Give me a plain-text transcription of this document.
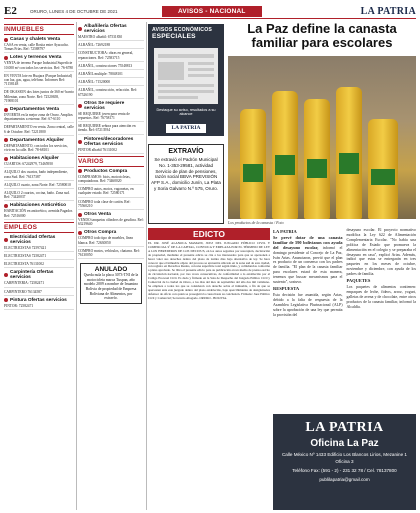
E2	ORURO, LUNES 4 DE OCTUBRE DE 2021	AVISOS - NACIONAL	LA PATRIA
INMUEBLES
Casas y chalets Venta
CASA en venta, calle Rosita entre Ayacucho. Tomas Frías. Ref: 72588797
Lotes y terrenos Venta
VENTA de terreno Parque Industrial Superficie 10.000 m² con todos los servicios. Ref: 76-6780
EN VENTA lote en Huajara (Parque Industrial) con luz, gas, agua, teléfono. Informes Ref: 71158148
DE OKASION dos lotes juntos de 360 m² barrio Mileniun, zona Norte. Ref: 72520658, 71908101
Departamentos Venta
INVIERTA en la mejor zona de Oruro. Amplios departamentos a estrenar. Ref: 67-6110
DEPARTAMENTO en venta. Zona central, calle 6 de Octubre. Ref: 72211800
Departamentos Alquiler
DEPARTAMENTO, con todos los servicios, vivir en la calle. Ref: 78-68101
Habitaciones Alquiler
CUARTOS: 67242979, 73465950
ALQUILO dos cuartos, baño independiente, zona Sud. Ref: 76137387
ALQUILO cuarto, zona Norte. Ref: 72580010
ALQUILO 2 cuartos, cocina, baño. Zona sud. Ref: 73420037
Habitaciones Anticrético
HABITACIÓN en anticrético, avenida Pagador. Ref: 72516000
EMPLEOS
Electricidad Ofertas servicios
ELECTRICISTAS 72597421
ELECTRICISTAS 72582471
ELECTRICISTA 76131002
Carpintería Ofertas servicios
CARPINTERIA: 72582471
CARPINTERO 76134587
Pintura Ofertas servicios
PINTOR: 72582471
Albañilería Ofertas servicios
MAESTRO albañil: 67531830
ALBAÑIL: 72692188
CONSTRUCTORA: obras en general, reparaciones. Ref: 72583715
ALBAÑIL, construcciones 75548813
ALBAÑIL multiple: 78048101
ALBAÑIL: 71520000
ALBAÑIL, construcción, refacción. Ref: 67526190
Otros Se requiere servicios
SE REQUIERE joven para venta de repuestos. Ref: 76758171
SE REQUIERE señora para atención en tienda. Ref: 67213934
Pintores/decoradores Ofertas servicios
PINTOR albañil 76131002
VARIOS
Productos Compra
COMPRAMOS: bicis, motocicletas, computadoras. Ref: 73460020
COMPRO autos, motos, vagonetas, en cualquier estado. Ref: 72580171
COMPRO toda clase de cartón. Ref: 75560210
Otros Venta
VENDO tanquetas cilindros de gasolina. Ref: 63219640
Otros Compra
COMPRO todo tipo de muebles, línea blanca. Ref: 72630050
COMPRO motos, vehículos, chatarra. Ref: 76130050
ANULADO
Queda nula la placa 3073-TNI de la motocicleta marca Tuxpan, año modelo 2009 a nombre de Irsumino Bolivia de propiedad de Empresa Boliviana de Alimentos, por extravío.
AVISOS ECONÓMICOS
ESPECIALES
Destaque su aviso, resultados a su alcance
LA PATRIA
EXTRAVÍO
Se extravió el Padrón Municipal No. 1-353-29581, actividad Servicio de plan de pensiones, razón social BBVA PREVISIÓN AFP S.A., domicilio Junín, La Plata y Soria Galvarro N.º 575, Oruro.
La Paz define la canasta familiar para escolares
Los productos de la canasta / Foto
EDICTO
EL DR. JOSÉ ALANOCA MAMANI, JUEZ DEL JUZGADO PÚBLICO CIVIL Y COMERCIAL 9º DE LA CAPITAL, CONVOCA Y EMPLAZA POR EL TÉRMINO DE LEY A LOS HEREDEROS DE LOS DECUJUS, en los autos seguidos por usucapión, declaración de propiedad, mediante el presente edicto se cita a los interesados para que se apersonen a hacer valer sus derechos dentro del plazo de treinta días bajo alternativa de ley. Se hace conocer que el inmueble objeto del proceso se encuentra ubicado en la zona sud de esta ciudad, con registro en Derechos Reales, con una superficie total según título, y colindancias conforme a plano aprobado. Se libra el presente edicto para su publicación en un medio de prensa escrito de circulación nacional, por tres veces consecutivas, de conformidad a lo establecido por el Código Procesal Civil. Es dado y firmado en la Sala de Despacho del Juzgado Público Civil y Comercial de la ciudad de Oruro, a los días del mes de septiembre del año dos mil veintiuno. Se emplaza a todos los que se consideren con derecho sobre el inmueble, a fin de que se apersonen ante este juzgado dentro del plazo establecido, bajo apercibimiento de designárseles defensor de oficio con quien se proseguirá la causa hasta su conclusión. Firmado: Juez Público Civil y Comercial; Secretario Abogado. ORURO - BOLIVIA.
LA PATRIA
Se prevé dotar de una canasta familiar de 590 bolivianos con ayuda del desayuno escolar, informó el domingo presidente al Concejo de La Paz, Iván Arias. Anunciaron, previó que el plan es producto de un consenso con los padres de familia. "El plan de la canasta familiar para escolares estará de esta manera, tenemos que buscar mecanismos para el sustento", sostuvo.
RESPUESTA
Esta decisión fue asumida, según Arias, debido a la falta de respuesta de la Asamblea Legislativa Plurinacional (ALP) sobre la aprobación de una ley que permita la provisión del
desayuno escolar. El proyecto normativo modifica la Ley 622 de Alimentación Complementaria Escolar. "No había una política de Estado que promueva la alimentación en el colegio y se preparaba el desayuno en casa", explicó Arias. Además, indicó que estas se entregarán en tres paquetes en los meses de octubre, noviembre y diciembre, con ayuda de los padres de familia.
PAQUETES
Los paquetes de alimentos contienen: empaques de leche, fideos, arroz, yogurt, galletas de avena y de chocolate, entre otros productos de la canasta familiar, informó la Alcaldía.
LA PATRIA
Oficina La Paz
Calle México Nº 1433 Edificio Los Blancos Lirios, Mezanine 1 Oficina 3
Teléfono Fax: (591 - 2) - 231 32 78 / Cel. 78137800
publilapatria@gmail.com
